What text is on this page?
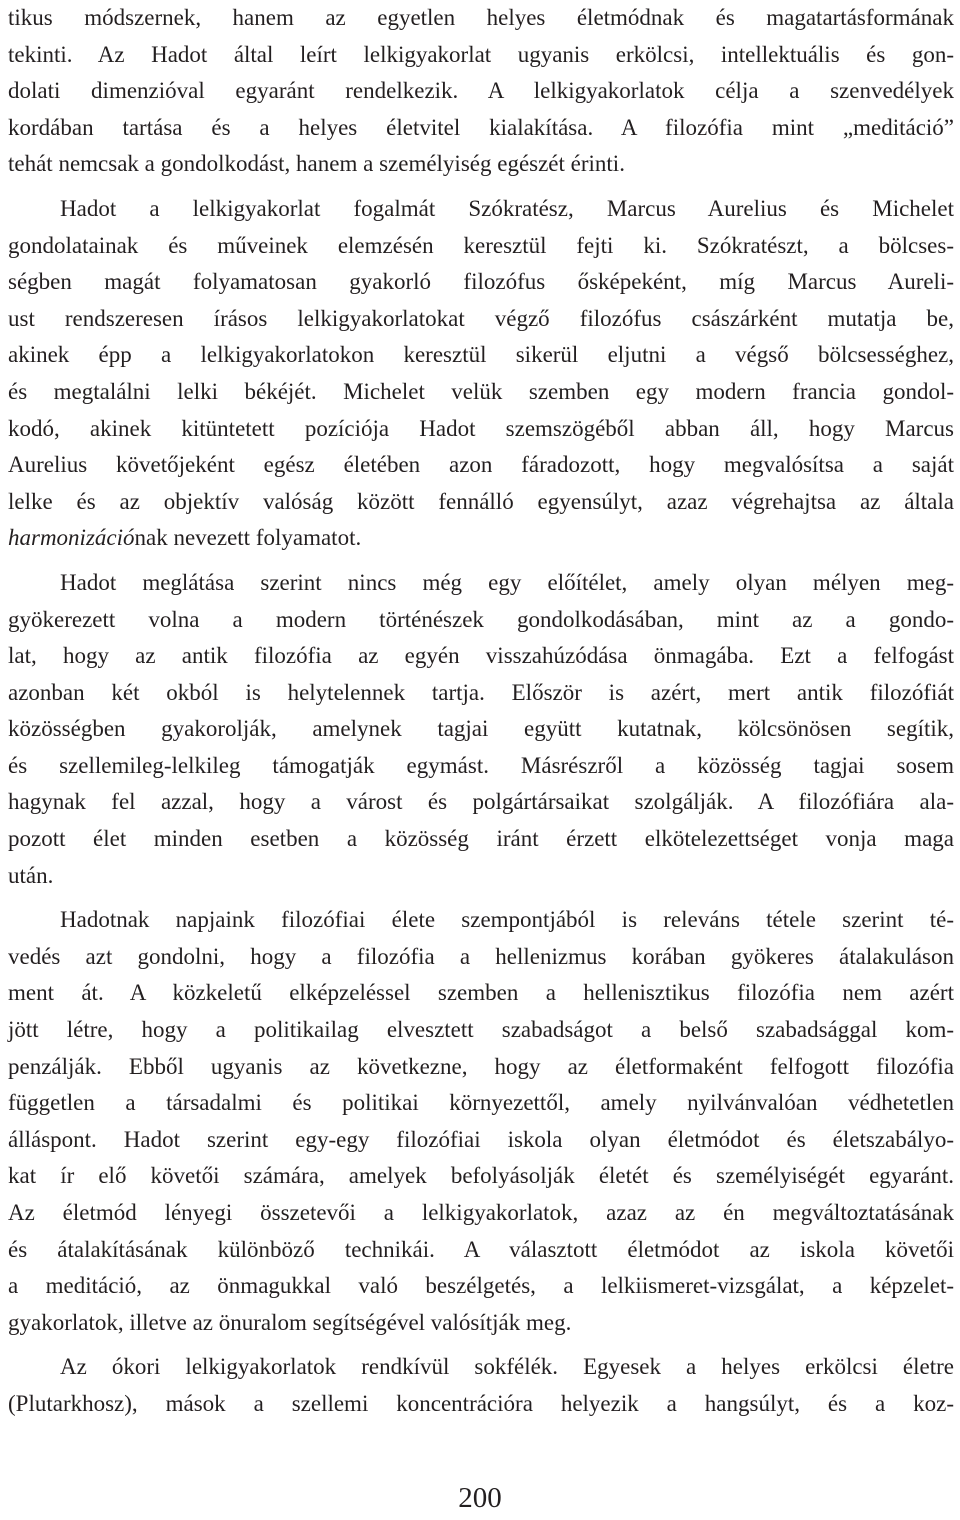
tikus módszernek, hanem az egyetlen helyes életmódnak és magatartásformának

tekinti. Az Hadot által leírt lelkigyakorlat ugyanis erkölcsi, intellektuális és gon-

dolati dimenzióval egyaránt rendelkezik. A lelkigyakorlatok célja a szenvedélyek

kordában tartása és a helyes életvitel kialakítása. A filozófia mint „meditáció”

tehát nemcsak a gondolkodást, hanem a személyiség egészét érinti.

Hadot a lelkigyakorlat fogalmát Szókratész, Marcus Aurelius és Michelet

gondolatainak és műveinek elemzésén keresztül fejti ki. Szókratészt, a bölcses-

ségben magát folyamatosan gyakorló filozófus ősképeként, míg Marcus Aureli-

ust rendszeresen írásos lelkigyakorlatokat végző filozófus császárként mutatja be,

akinek épp a lelkigyakorlatokon keresztül sikerül eljutni a végső bölcsességhez,

és megtalálni lelki békéjét. Michelet velük szemben egy modern francia gondol-

kodó, akinek kitüntetett pozíciója Hadot szemszögéből abban áll, hogy Marcus

Aurelius követőjeként egész életében azon fáradozott, hogy megvalósítsa a saját

lelke és az objektív valóság között fennálló egyensúlyt, azaz végrehajtsa az általa

harmonizációnak nevezett folyamatot.

Hadot meglátása szerint nincs még egy előítélet, amely olyan mélyen meg-

gyökerezett volna a modern történészek gondolkodásában, mint az a gondo-

lat, hogy az antik filozófia az egyén visszahúzódása önmagába. Ezt a felfogást

azonban két okból is helytelennek tartja. Először is azért, mert antik filozófiát

közösségben gyakorolják, amelynek tagjai együtt kutatnak, kölcsönösen segítik,

és szellemileg-lelkileg támogatják egymást. Másrészről a közösség tagjai sosem

hagynak fel azzal, hogy a várost és polgártársaikat szolgálják. A filozófiára ala-

pozott élet minden esetben a közösség iránt érzett elkötelezettséget vonja maga

után.

Hadotnak napjaink filozófiai élete szempontjából is releváns tétele szerint té-

vedés azt gondolni, hogy a filozófia a hellenizmus korában gyökeres átalakuláson

ment át. A közkeletű elképzeléssel szemben a hellenisztikus filozófia nem azért

jött létre, hogy a politikailag elvesztett szabadságot a belső szabadsággal kom-

penzálják. Ebből ugyanis az következne, hogy az életformaként felfogott filozófia

független a társadalmi és politikai környezettől, amely nyilvánvalóan védhetetlen

álláspont. Hadot szerint egy-egy filozófiai iskola olyan életmódot és életszabályo-

kat ír elő követői számára, amelyek befolyásolják életét és személyiségét egyaránt.

Az életmód lényegi összetevői a lelkigyakorlatok, azaz az én megváltoztatásának

és átalakításának különböző technikái. A választott életmódot az iskola követői

a meditáció, az önmagukkal való beszélgetés, a lelkiismeret-vizsgálat, a képzelet-

gyakorlatok, illetve az önuralom segítségével valósítják meg.

Az ókori lelkigyakorlatok rendkívül sokfélék. Egyesek a helyes erkölcsi életre

(Plutarkhosz), mások a szellemi koncentrációra helyezik a hangsúlyt, és a koz-

200
